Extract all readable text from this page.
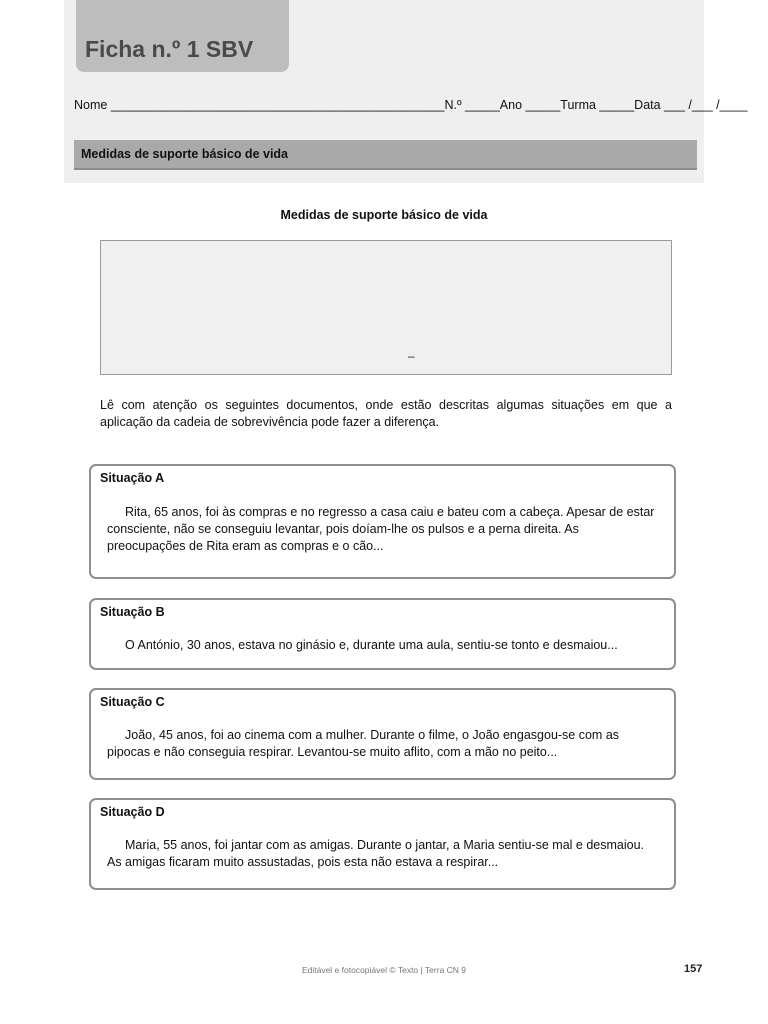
Ficha n.º 1 SBV
Nome ________________________________________________N.º _____Ano _____Turma _____Data ___ /___ /____
Medidas de suporte básico de vida
Medidas de suporte básico de vida
–
Lê com atenção os seguintes documentos, onde estão descritas algumas situações em que a aplicação da cadeia de sobrevivência pode fazer a diferença.
Situação A
Rita, 65 anos, foi às compras e no regresso a casa caiu e bateu com a cabeça. Apesar de estar consciente, não se conseguiu levantar, pois doíam-lhe os pulsos e a perna direita. As preocupações de Rita eram as compras e o cão...
Situação B
O António, 30 anos, estava no ginásio e, durante uma aula, sentiu-se tonto e desmaiou...
Situação C
João, 45 anos, foi ao cinema com a mulher. Durante o filme, o João engasgou-se com as pipocas e não conseguia respirar. Levantou-se muito aflito, com a mão no peito...
Situação D
Maria, 55 anos, foi jantar com as amigas. Durante o jantar, a Maria sentiu-se mal e desmaiou. As amigas ficaram muito assustadas, pois esta não estava a respirar...
Editável e fotocopiável © Texto | Terra CN 9	157
